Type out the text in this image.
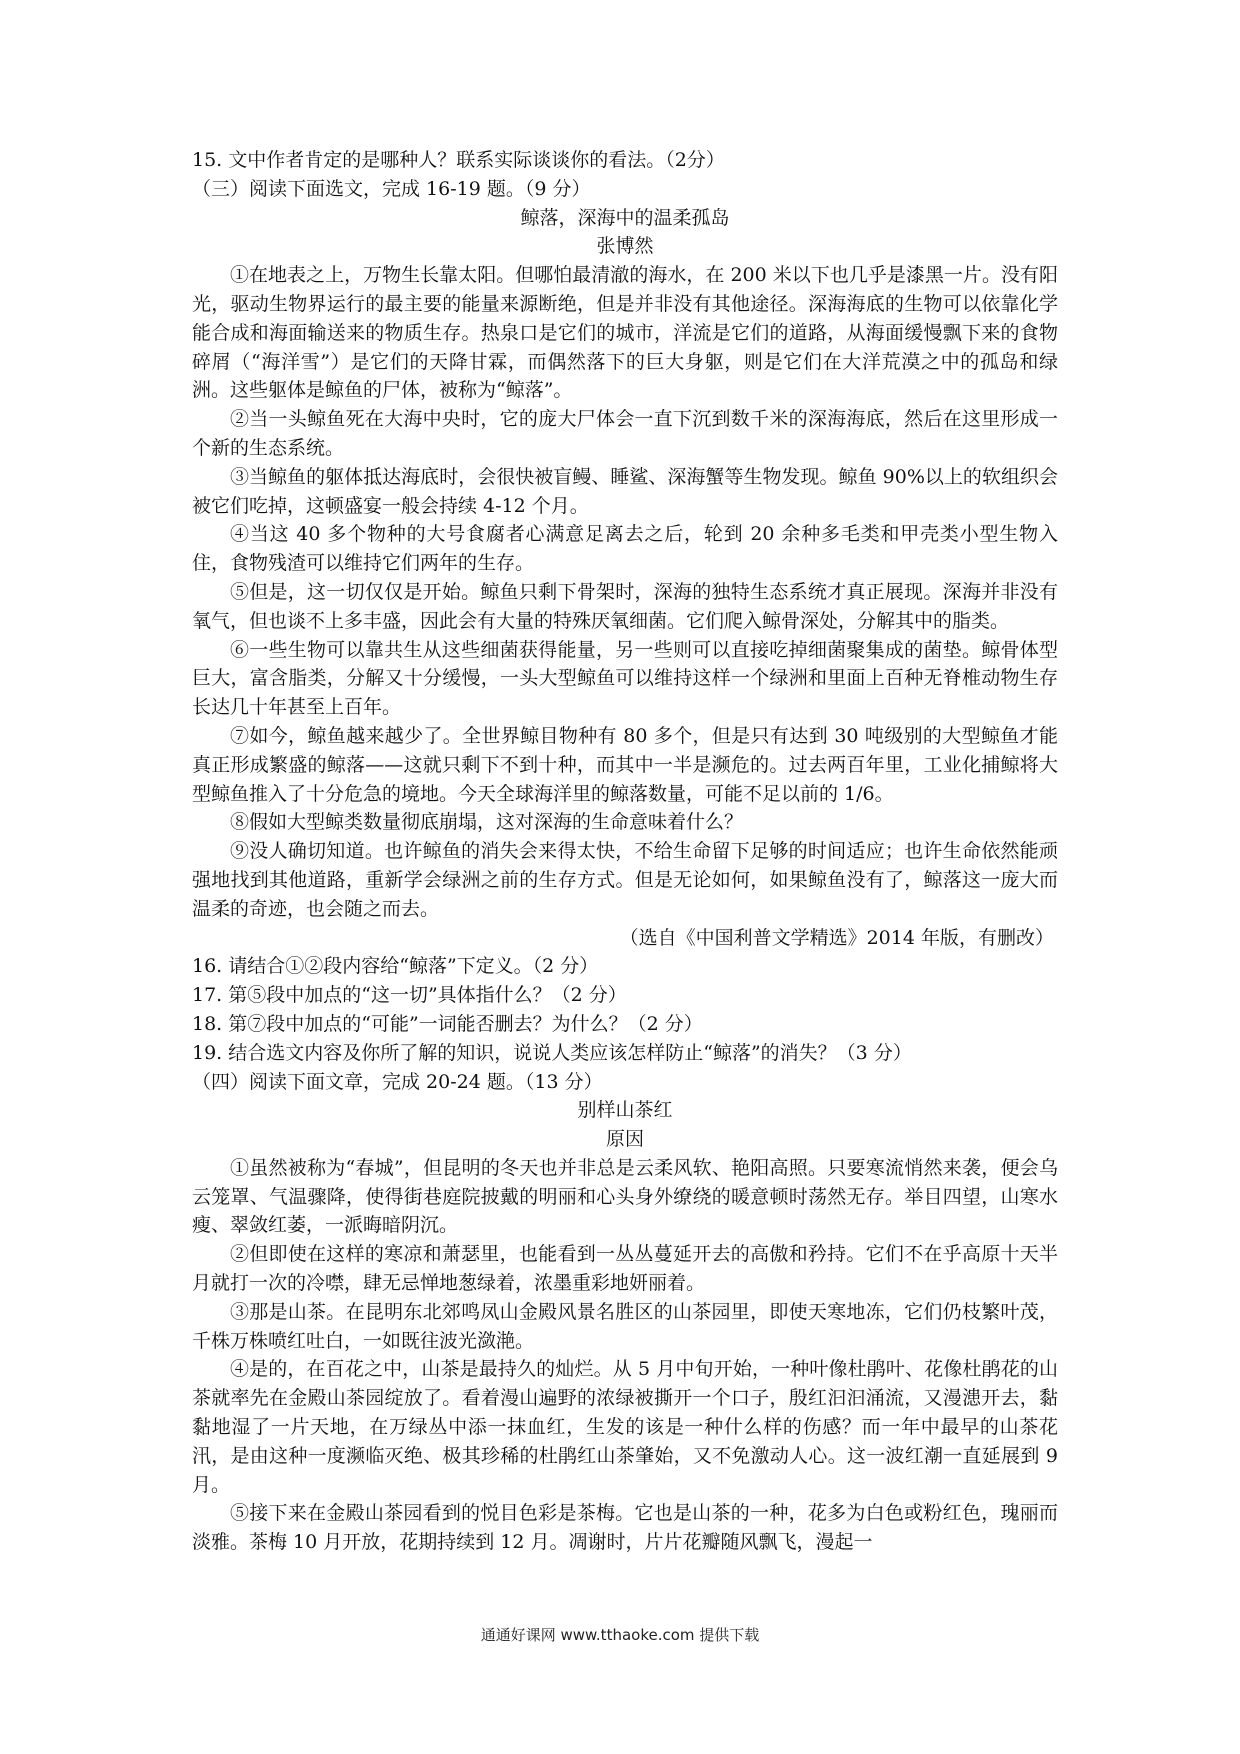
15. 文中作者肯定的是哪种人？联系实际谈谈你的看法。（2分）
（三）阅读下面选文，完成 16-19 题。（9 分）
鲸落，深海中的温柔孤岛
张博然
①在地表之上，万物生长靠太阳。但哪怕最清澈的海水，在 200 米以下也几乎是漆黑一片。没有阳光，驱动生物界运行的最主要的能量来源断绝，但是并非没有其他途径。深海海底的生物可以依靠化学能合成和海面输送来的物质生存。热泉口是它们的城市，洋流是它们的道路，从海面缓慢飘下来的食物碎屑（“海洋雪”）是它们的天降甘霖，而偶然落下的巨大身躯，则是它们在大洋荒漠之中的孤岛和绿洲。这些躯体是鲸鱼的尸体，被称为“鲸落”。
②当一头鲸鱼死在大海中央时，它的庞大尸体会一直下沉到数千米的深海海底，然后在这里形成一个新的生态系统。
③当鲸鱼的躯体抵达海底时，会很快被盲鳗、睡鲨、深海蟹等生物发现。鲸鱼 90%以上的软组织会被它们吃掉，这顿盛宴一般会持续 4-12 个月。
④当这 40 多个物种的大号食腐者心满意足离去之后，轮到 20 余种多毛类和甲壳类小型生物入住，食物残渣可以维持它们两年的生存。
⑤但是，这一切仅仅是开始。鲸鱼只剩下骨架时，深海的独特生态系统才真正展现。深海并非没有氧气，但也谈不上多丰盛，因此会有大量的特殊厌氧细菌。它们爬入鲸骨深处，分解其中的脂类。
⑥一些生物可以靠共生从这些细菌获得能量，另一些则可以直接吃掉细菌聚集成的菌垫。鲸骨体型巨大，富含脂类，分解又十分缓慢，一头大型鲸鱼可以维持这样一个绿洲和里面上百种无脊椎动物生存长达几十年甚至上百年。
⑦如今，鲸鱼越来越少了。全世界鲸目物种有 80 多个，但是只有达到 30 吨级别的大型鲸鱼才能真正形成繁盛的鲸落——这就只剩下不到十种，而其中一半是濒危的。过去两百年里，工业化捕鲸将大型鲸鱼推入了十分危急的境地。今天全球海洋里的鲸落数量，可能不足以前的 1/6。
⑧假如大型鲸类数量彻底崩塌，这对深海的生命意味着什么？
⑨没人确切知道。也许鲸鱼的消失会来得太快，不给生命留下足够的时间适应；也许生命依然能顽强地找到其他道路，重新学会绿洲之前的生存方式。但是无论如何，如果鲸鱼没有了，鲸落这一庞大而温柔的奇迹，也会随之而去。
（选自《中国利普文学精选》2014 年版，有删改）
16. 请结合①②段内容给“鲸落”下定义。（2 分）
17. 第⑤段中加点的“这一切”具体指什么？（2 分）
18. 第⑦段中加点的“可能”一词能否删去？为什么？（2 分）
19. 结合选文内容及你所了解的知识，说说人类应该怎样防止“鲸落”的消失？（3 分）
（四）阅读下面文章，完成 20-24 题。（13 分）
别样山茶红
原因
①虽然被称为“春城”，但昆明的冬天也并非总是云柔风软、艳阳高照。只要寒流悄然来袭，便会乌云笼罩、气温骤降，使得街巷庭院披戴的明丽和心头身外缭绕的暖意顿时荡然无存。举目四望，山寒水瘦、翠敛红萎，一派晦暗阴沉。
②但即使在这样的寒凉和萧瑟里，也能看到一丛丛蔓延开去的高傲和矜持。它们不在乎高原十天半月就打一次的冷噤，肆无忌惮地葱绿着，浓墨重彩地妍丽着。
③那是山茶。在昆明东北郊鸣凤山金殿风景名胜区的山茶园里，即使天寒地冻，它们仍枝繁叶茂，千株万株喷红吐白，一如既往波光潋滟。
④是的，在百花之中，山茶是最持久的灿烂。从 5 月中旬开始，一种叶像杜鹃叶、花像杜鹃花的山茶就率先在金殿山茶园绽放了。看着漫山遍野的浓绿被撕开一个口子，殷红汩汩涌流，又漫漶开去，黏黏地湿了一片天地，在万绿丛中添一抹血红，生发的该是一种什么样的伤感？而一年中最早的山茶花汛，是由这种一度濒临灭绝、极其珍稀的杜鹃红山茶肇始，又不免激动人心。这一波红潮一直延展到 9 月。
⑤接下来在金殿山茶园看到的悦目色彩是茶梅。它也是山茶的一种，花多为白色或粉红色，瑰丽而淡雅。茶梅 10 月开放，花期持续到 12 月。凋谢时，片片花瓣随风飘飞，漫起一
通通好课网 www.tthaoke.com 提供下载
